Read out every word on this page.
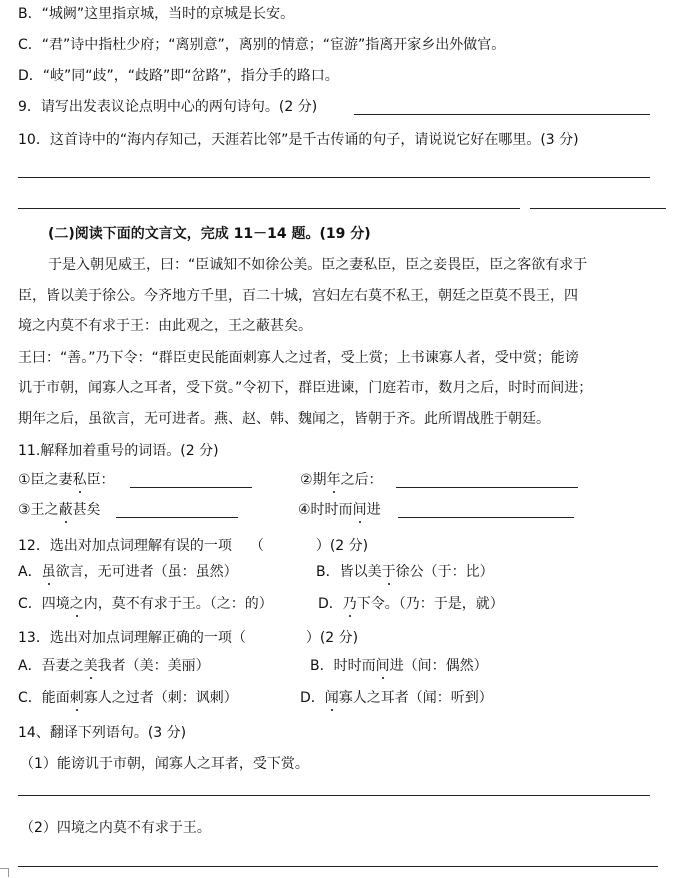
B．“城阙”这里指京城，当时的京城是长安。
C．“君”诗中指杜少府；“离别意”，离别的情意；“宦游”指离开家乡出外做官。
D．“岐”同“歧”，“歧路”即“岔路”，指分手的路口。
9．请写出发表议论点明中心的两句诗句。(2 分)
10．这首诗中的“海内存知己，天涯若比邻”是千古传诵的句子，请说说它好在哪里。(3 分)
(二)阅读下面的文言文，完成 11－14 题。(19 分)
于是入朝见威王，曰：“臣诚知不如徐公美。臣之妻私臣，臣之妾畏臣，臣之客欲有求于
臣，皆以美于徐公。今齐地方千里，百二十城，宫妇左右莫不私王，朝廷之臣莫不畏王，四
境之内莫不有求于王：由此观之，王之蔽甚矣。
王曰：“善。”乃下令：“群臣吏民能面刺寡人之过者，受上赏；上书谏寡人者，受中赏；能谤
讥于市朝，闻寡人之耳者，受下赏。”令初下，群臣进谏，门庭若市，数月之后，时时而间进；
期年之后，虽欲言，无可进者。燕、赵、韩、魏闻之，皆朝于齐。此所谓战胜于朝廷。
11.解释加着重号的词语。(2 分)
①臣之妻私臣：	②期年之后：
③王之蔽甚矣	④时时而间进
12．选出对加点词理解有误的一项 （	）(2 分)
A．虽欲言，无可进者（虽：虽然）	B．皆以美于徐公（于：比）
C．四境之内，莫不有求于王。（之：的）	D．乃下令。（乃：于是，就）
13．选出对加点词理解正确的一项（	）(2 分)
A．吾妻之美我者（美：美丽）	B．时时而间进（间：偶然）
C．能面刺寡人之过者（刺：讽刺）	D．闻寡人之耳者（闻：听到）
14、翻译下列语句。(3 分)
（1）能谤讥于市朝，闻寡人之耳者，受下赏。
（2）四境之内莫不有求于王。
